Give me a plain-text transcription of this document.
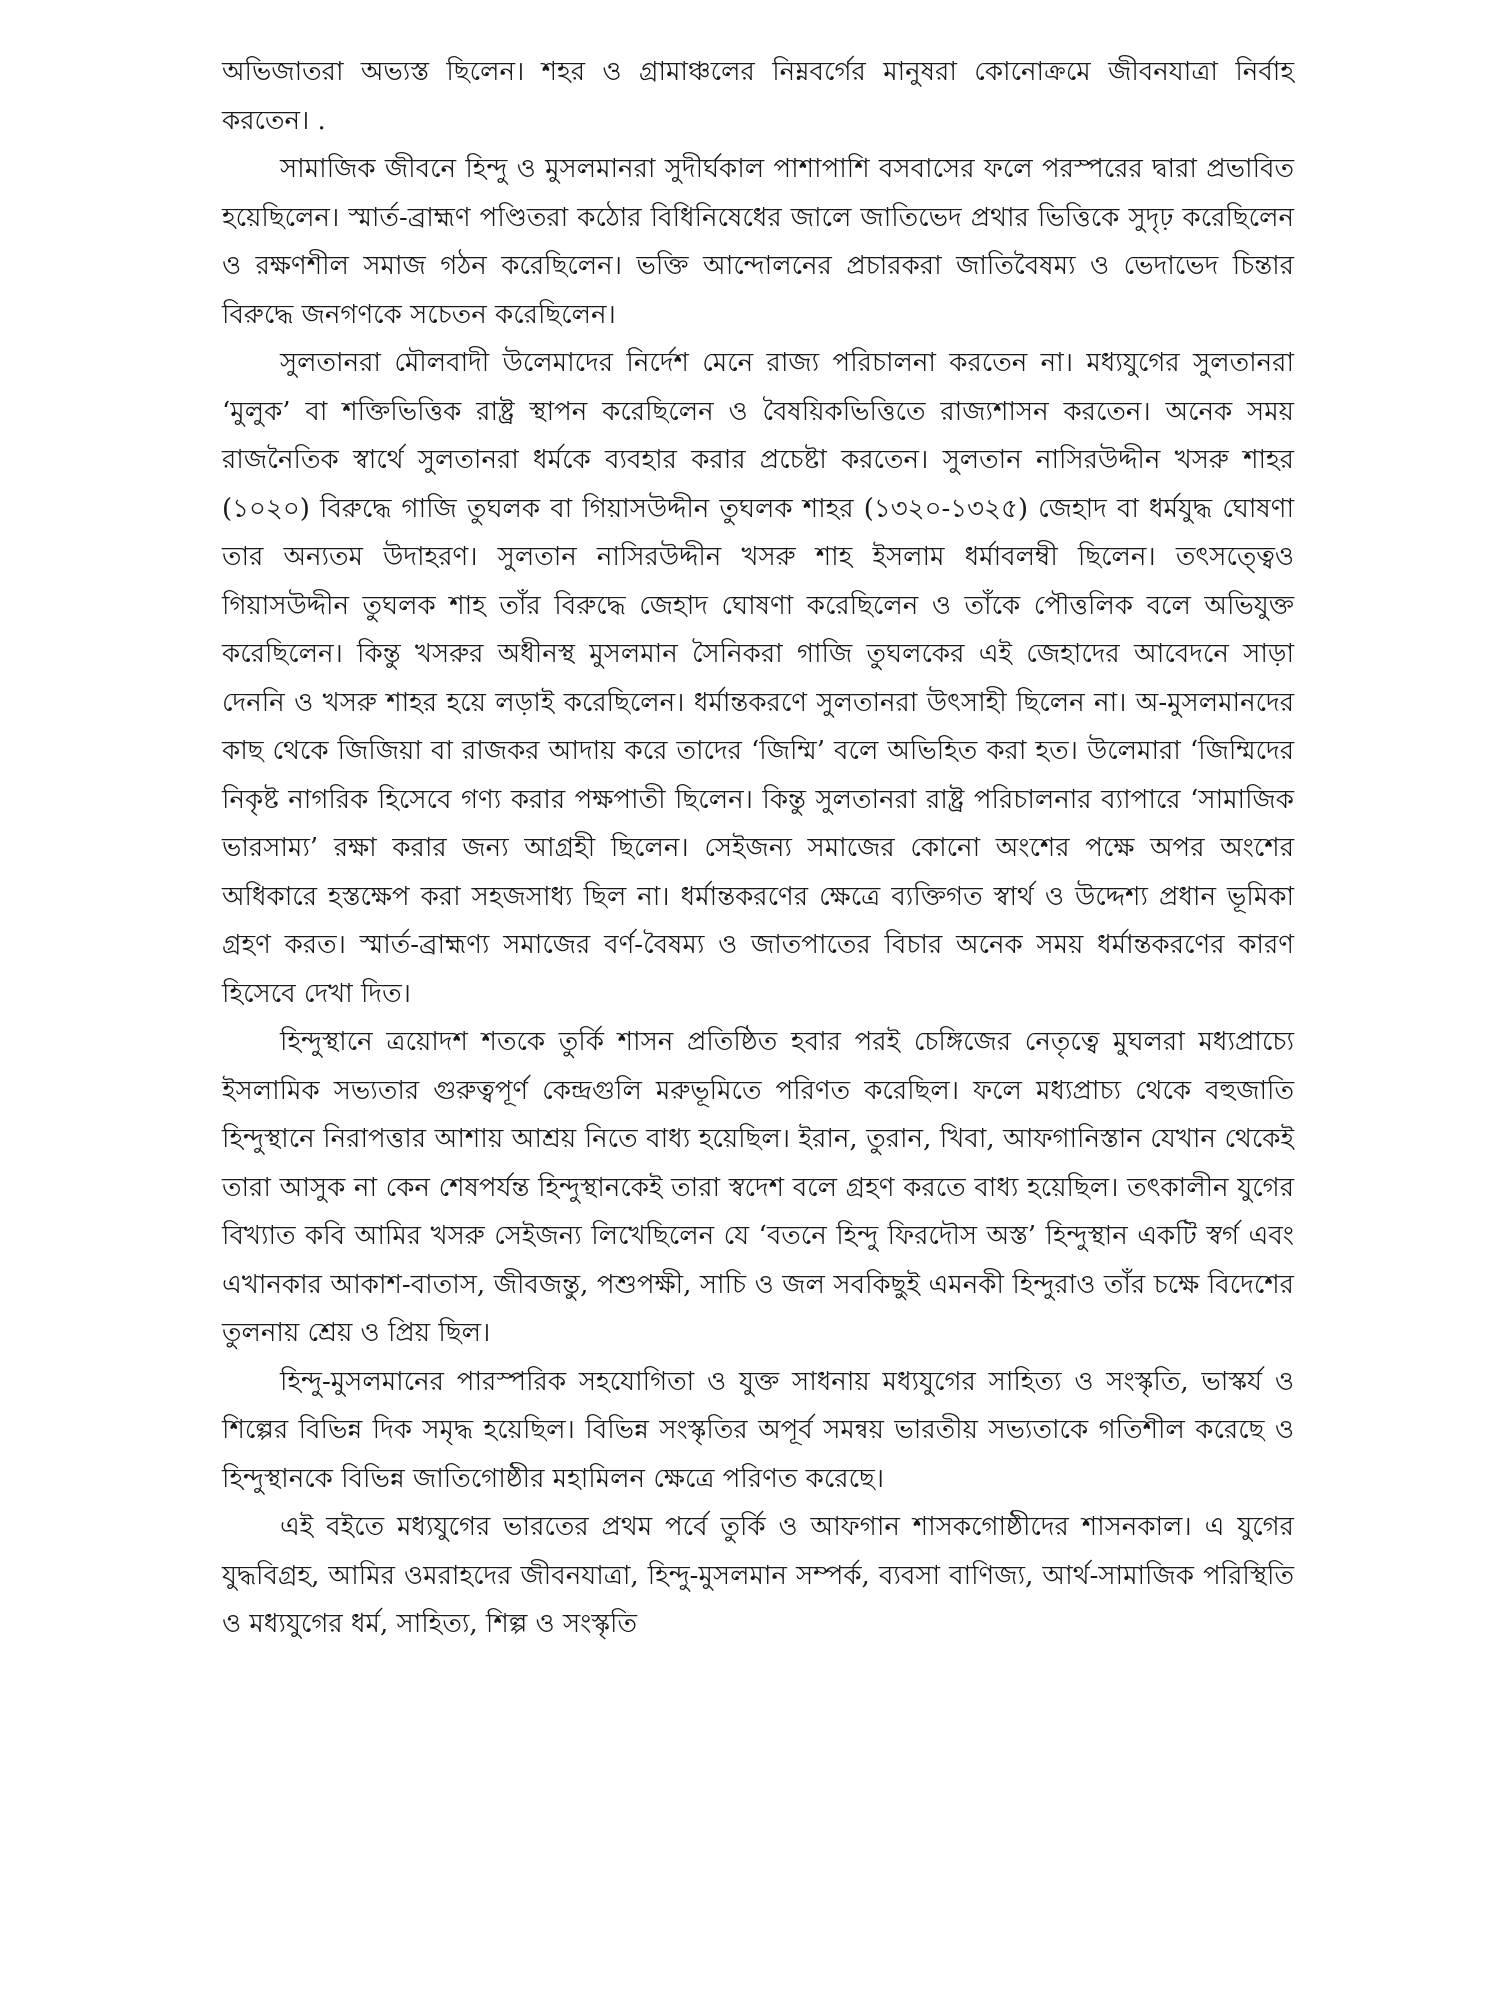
অভিজাতরা অভ্যস্ত ছিলেন। শহর ও গ্রামাঞ্চলের নিম্নবর্গের মানুষরা কোনোক্রমে জীবনযাত্রা নির্বাহ করতেন। .

সামাজিক জীবনে হিন্দু ও মুসলমানরা সুদীর্ঘকাল পাশাপাশি বসবাসের ফলে পরস্পরের দ্বারা প্রভাবিত হয়েছিলেন। স্মার্ত-ব্রাহ্মণ পণ্ডিতরা কঠোর বিধিনিষেধের জালে জাতিভেদ প্রথার ভিত্তিকে সুদৃঢ় করেছিলেন ও রক্ষণশীল সমাজ গঠন করেছিলেন। ভক্তি আন্দোলনের প্রচারকরা জাতিবৈষম্য ও ভেদাভেদ চিন্তার বিরুদ্ধে জনগণকে সচেতন করেছিলেন।

সুলতানরা মৌলবাদী উলেমাদের নির্দেশ মেনে রাজ্য পরিচালনা করতেন না। মধ্যযুগের সুলতানরা ‘মুলুক’ বা শক্তিভিত্তিক রাষ্ট্র স্থাপন করেছিলেন ও বৈষয়িকভিত্তিতে রাজ্যশাসন করতেন। অনেক সময় রাজনৈতিক স্বার্থে সুলতানরা ধর্মকে ব্যবহার করার প্রচেষ্টা করতেন। সুলতান নাসিরউদ্দীন খসরু শাহর (১০২০) বিরুদ্ধে গাজি তুঘলক বা গিয়াসউদ্দীন তুঘলক শাহর (১৩২০-১৩২৫) জেহাদ বা ধর্মযুদ্ধ ঘোষণা তার অন্যতম উদাহরণ। সুলতান নাসিরউদ্দীন খসরু শাহ ইসলাম ধর্মাবলম্বী ছিলেন। তৎসত্ত্বেও গিয়াসউদ্দীন তুঘলক শাহ তাঁর বিরুদ্ধে জেহাদ ঘোষণা করেছিলেন ও তাঁকে পৌত্তলিক বলে অভিযুক্ত করেছিলেন। কিন্তু খসরুর অধীনস্থ মুসলমান সৈনিকরা গাজি তুঘলকের এই জেহাদের আবেদনে সাড়া দেননি ও খসরু শাহর হয়ে লড়াই করেছিলেন। ধর্মান্তকরণে সুলতানরা উৎসাহী ছিলেন না। অ-মুসলমানদের কাছ থেকে জিজিয়া বা রাজকর আদায় করে তাদের ‘জিম্মি’ বলে অভিহিত করা হত। উলেমারা ‘জিম্মিদের নিকৃষ্ট নাগরিক হিসেবে গণ্য করার পক্ষপাতী ছিলেন। কিন্তু সুলতানরা রাষ্ট্র পরিচালনার ব্যাপারে ‘সামাজিক ভারসাম্য’ রক্ষা করার জন্য আগ্রহী ছিলেন। সেইজন্য সমাজের কোনো অংশের পক্ষে অপর অংশের অধিকারে হস্তক্ষেপ করা সহজসাধ্য ছিল না। ধর্মান্তকরণের ক্ষেত্রে ব্যক্তিগত স্বার্থ ও উদ্দেশ্য প্রধান ভূমিকা গ্রহণ করত। স্মার্ত-ব্রাহ্মণ্য সমাজের বর্ণ-বৈষম্য ও জাতপাতের বিচার অনেক সময় ধর্মান্তকরণের কারণ হিসেবে দেখা দিত।

হিন্দুস্থানে ত্রয়োদশ শতকে তুর্কি শাসন প্রতিষ্ঠিত হবার পরই চেঙ্গিজের নেতৃত্বে মুঘলরা মধ্যপ্রাচ্যে ইসলামিক সভ্যতার গুরুত্বপূর্ণ কেন্দ্রগুলি মরুভূমিতে পরিণত করেছিল। ফলে মধ্যপ্রাচ্য থেকে বহুজাতি হিন্দুস্থানে নিরাপত্তার আশায় আশ্রয় নিতে বাধ্য হয়েছিল। ইরান, তুরান, খিবা, আফগানিস্তান যেখান থেকেই তারা আসুক না কেন শেষপর্যন্ত হিন্দুস্থানকেই তারা স্বদেশ বলে গ্রহণ করতে বাধ্য হয়েছিল। তৎকালীন যুগের বিখ্যাত কবি আমির খসরু সেইজন্য লিখেছিলেন যে ‘বতনে হিন্দু ফিরদৌস অস্ত’ হিন্দুস্থান একটি স্বর্গ এবং এখানকার আকাশ-বাতাস, জীবজন্তু, পশুপক্ষী, সাচি ও জল সবকিছুই এমনকী হিন্দুরাও তাঁর চক্ষে বিদেশের তুলনায় শ্রেয় ও প্রিয় ছিল।

হিন্দু-মুসলমানের পারস্পরিক সহযোগিতা ও যুক্ত সাধনায় মধ্যযুগের সাহিত্য ও সংস্কৃতি, ভাস্কর্য ও শিল্পের বিভিন্ন দিক সমৃদ্ধ হয়েছিল। বিভিন্ন সংস্কৃতির অপূর্ব সমন্বয় ভারতীয় সভ্যতাকে গতিশীল করেছে ও হিন্দুস্থানকে বিভিন্ন জাতিগোষ্ঠীর মহামিলন ক্ষেত্রে পরিণত করেছে।

এই বইতে মধ্যযুগের ভারতের প্রথম পর্বে তুর্কি ও আফগান শাসকগোষ্ঠীদের শাসনকাল। এ যুগের যুদ্ধবিগ্রহ, আমির ওমরাহদের জীবনযাত্রা, হিন্দু-মুসলমান সম্পর্ক, ব্যবসা বাণিজ্য, আর্থ-সামাজিক পরিস্থিতি ও মধ্যযুগের ধর্ম, সাহিত্য, শিল্প ও সংস্কৃতি
